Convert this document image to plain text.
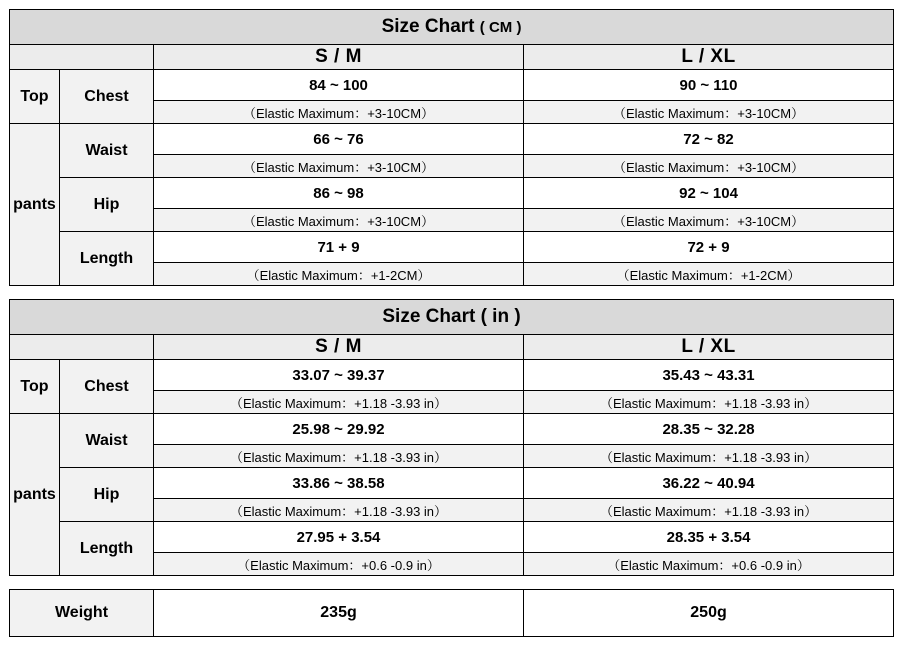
Size Chart ( CM )			
		S / M	L / XL
Top	Chest	84 ~ 100	90 ~ 110
		（Elastic Maximum：+3-10CM）	（Elastic Maximum：+3-10CM）
pants	Waist	66 ~ 76	72 ~ 82
		（Elastic Maximum：+3-10CM）	（Elastic Maximum：+3-10CM）
	Hip	86 ~ 98	92 ~ 104
		（Elastic Maximum：+3-10CM）	（Elastic Maximum：+3-10CM）
	Length	71 + 9	72 + 9
		（Elastic Maximum：+1-2CM）	（Elastic Maximum：+1-2CM）
Size Chart ( in )			
		S / M	L / XL
Top	Chest	33.07 ~ 39.37	35.43 ~ 43.31
		（Elastic Maximum：+1.18 -3.93 in）	（Elastic Maximum：+1.18 -3.93 in）
pants	Waist	25.98 ~ 29.92	28.35 ~ 32.28
		（Elastic Maximum：+1.18 -3.93 in）	（Elastic Maximum：+1.18 -3.93 in）
	Hip	33.86 ~ 38.58	36.22 ~ 40.94
		（Elastic Maximum：+1.18 -3.93 in）	（Elastic Maximum：+1.18 -3.93 in）
	Length	27.95 + 3.54	28.35 + 3.54
		（Elastic Maximum：+0.6 -0.9 in）	（Elastic Maximum：+0.6 -0.9 in）
Weight	235g	250g
